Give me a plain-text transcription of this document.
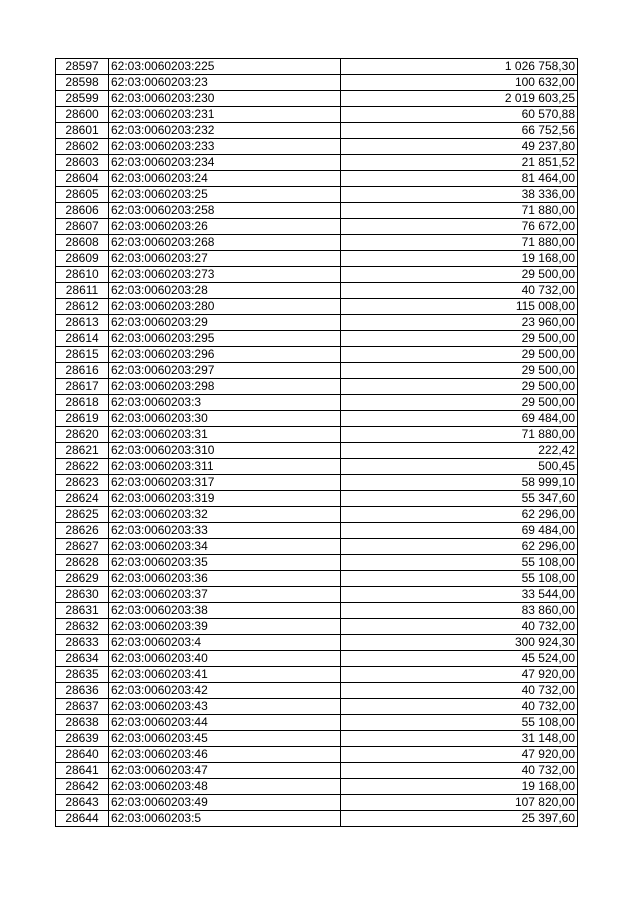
28597	62:03:0060203:225	1 026 758,30
28598	62:03:0060203:23	100 632,00
28599	62:03:0060203:230	2 019 603,25
28600	62:03:0060203:231	60 570,88
28601	62:03:0060203:232	66 752,56
28602	62:03:0060203:233	49 237,80
28603	62:03:0060203:234	21 851,52
28604	62:03:0060203:24	81 464,00
28605	62:03:0060203:25	38 336,00
28606	62:03:0060203:258	71 880,00
28607	62:03:0060203:26	76 672,00
28608	62:03:0060203:268	71 880,00
28609	62:03:0060203:27	19 168,00
28610	62:03:0060203:273	29 500,00
28611	62:03:0060203:28	40 732,00
28612	62:03:0060203:280	115 008,00
28613	62:03:0060203:29	23 960,00
28614	62:03:0060203:295	29 500,00
28615	62:03:0060203:296	29 500,00
28616	62:03:0060203:297	29 500,00
28617	62:03:0060203:298	29 500,00
28618	62:03:0060203:3	29 500,00
28619	62:03:0060203:30	69 484,00
28620	62:03:0060203:31	71 880,00
28621	62:03:0060203:310	222,42
28622	62:03:0060203:311	500,45
28623	62:03:0060203:317	58 999,10
28624	62:03:0060203:319	55 347,60
28625	62:03:0060203:32	62 296,00
28626	62:03:0060203:33	69 484,00
28627	62:03:0060203:34	62 296,00
28628	62:03:0060203:35	55 108,00
28629	62:03:0060203:36	55 108,00
28630	62:03:0060203:37	33 544,00
28631	62:03:0060203:38	83 860,00
28632	62:03:0060203:39	40 732,00
28633	62:03:0060203:4	300 924,30
28634	62:03:0060203:40	45 524,00
28635	62:03:0060203:41	47 920,00
28636	62:03:0060203:42	40 732,00
28637	62:03:0060203:43	40 732,00
28638	62:03:0060203:44	55 108,00
28639	62:03:0060203:45	31 148,00
28640	62:03:0060203:46	47 920,00
28641	62:03:0060203:47	40 732,00
28642	62:03:0060203:48	19 168,00
28643	62:03:0060203:49	107 820,00
28644	62:03:0060203:5	25 397,60
